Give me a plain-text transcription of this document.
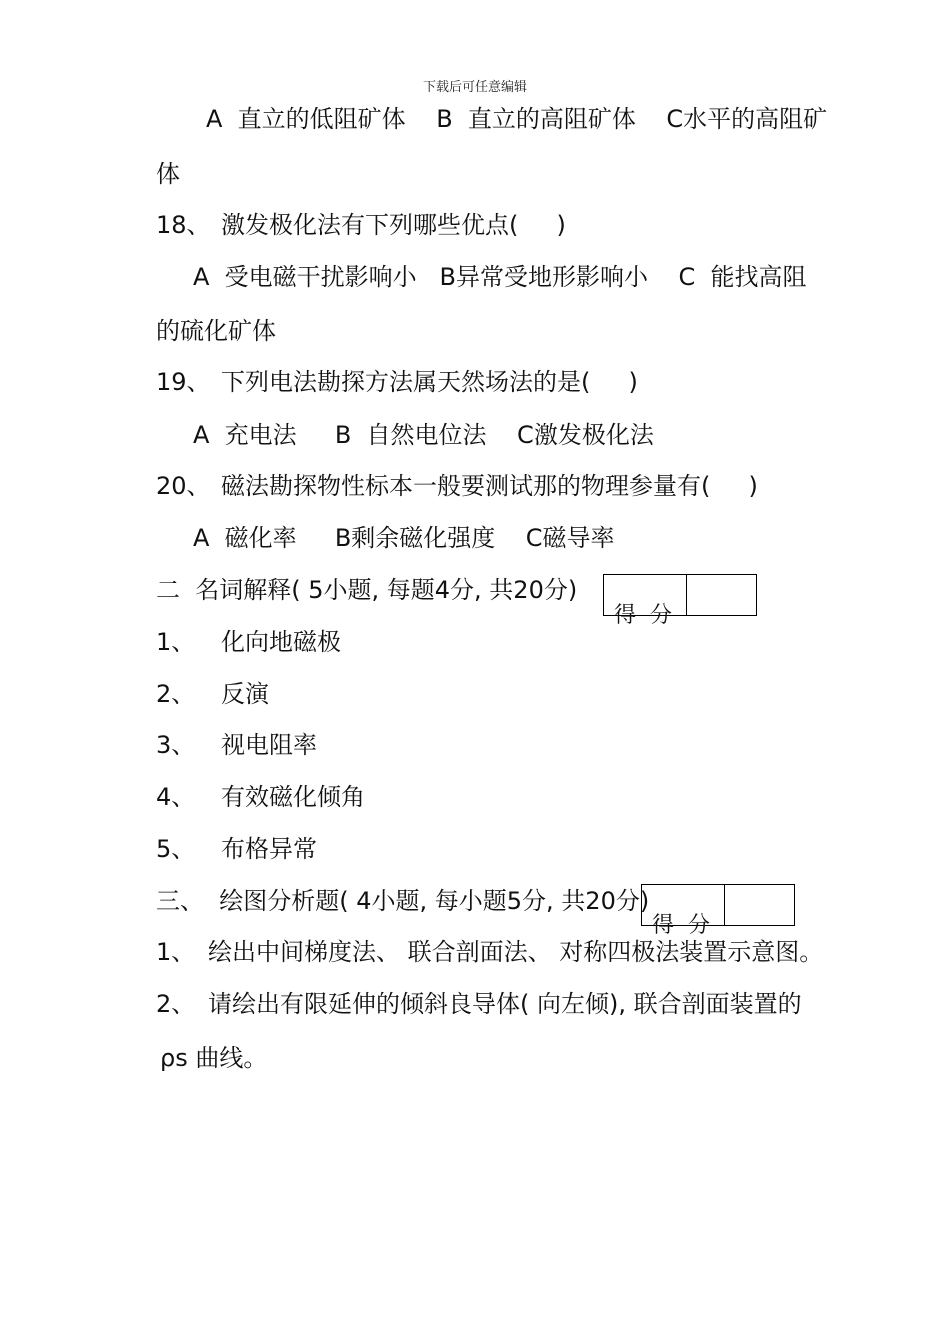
下载后可任意编辑
A  直立的低阻矿体    B  直立的高阻矿体    C水平的高阻矿
体
18、 激发极化法有下列哪些优点(     )
A  受电磁干扰影响小   B异常受地形影响小    C  能找高阻
的硫化矿体
19、 下列电法勘探方法属天然场法的是(     )
A  充电法     B  自然电位法    C激发极化法
20、 磁法勘探物性标本一般要测试那的物理参量有(     )
A  磁化率     B剩余磁化强度    C磁导率
二  名词解释( 5小题, 每题4分, 共20分)
得  分
1、 化向地磁极
2、 反演
3、 视电阻率
4、 有效磁化倾角
5、 布格异常
三、  绘图分析题( 4小题, 每小题5分, 共20分)
得  分
1、 绘出中间梯度法、 联合剖面法、 对称四极法装置示意图。
2、 请绘出有限延伸的倾斜良导体( 向左倾), 联合剖面装置的
ρs 曲线。
